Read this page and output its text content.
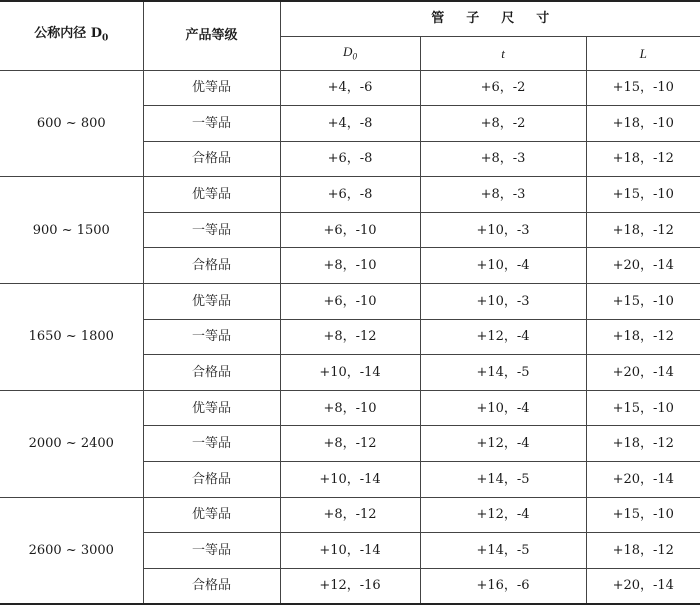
公称内径 $D_0$	产品等级	管子尺寸		
		$D_0$	t	L
600 ~ 800	优等品	+4，-6	+6，-2	+15，-10
	一等品	+4，-8	+8，-2	+18，-10
	合格品	+6，-8	+8，-3	+18，-12
900 ~ 1500	优等品	+6，-8	+8，-3	+15，-10
	一等品	+6，-10	+10，-3	+18，-12
	合格品	+8，-10	+10，-4	+20，-14
1650 ~ 1800	优等品	+6，-10	+10，-3	+15，-10
	一等品	+8，-12	+12，-4	+18，-12
	合格品	+10，-14	+14，-5	+20，-14
2000 ~ 2400	优等品	+8，-10	+10，-4	+15，-10
	一等品	+8，-12	+12，-4	+18，-12
	合格品	+10，-14	+14，-5	+20，-14
2600 ~ 3000	优等品	+8，-12	+12，-4	+15，-10
	一等品	+10，-14	+14，-5	+18，-12
	合格品	+12，-16	+16，-6	+20，-14
